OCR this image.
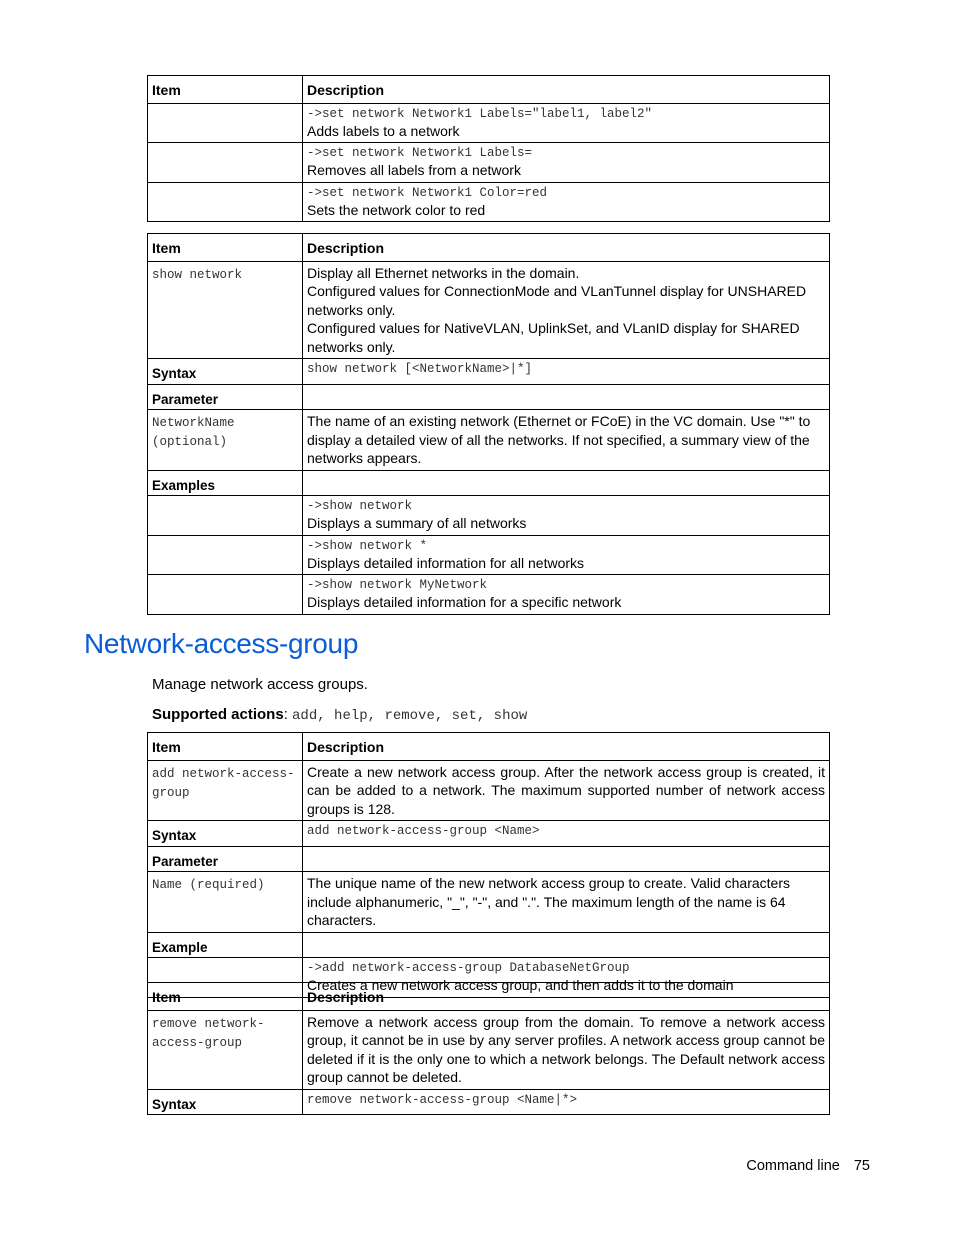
Item	Description

	->set network Network1 Labels="label1, label2"
Adds labels to a network

	->set network Network1 Labels=
Removes all labels from a network

	->set network Network1 Color=red
Sets the network color to red
Item	Description
show network	Display all Ethernet networks in the domain.
Configured values for ConnectionMode and VLanTunnel display for UNSHARED networks only.
Configured values for NativeVLAN, UplinkSet, and VLanID display for SHARED networks only.

Syntax	show network [<NetworkName>|*]

Parameter	
NetworkName (optional)	The name of an existing network (Ethernet or FCoE) in the VC domain. Use "*" to display a detailed view of all the networks. If not specified, a summary view of the networks appears.
Examples	

	->show network
Displays a summary of all networks

	->show network *
Displays detailed information for all networks

	->show network MyNetwork
Displays detailed information for a specific network
Network-access-group
Manage network access groups.
Supported actions: add, help, remove, set, show
Item	Description
add network-access-group	Create a new network access group. After the network access group is created, it can be added to a network. The maximum supported number of network access groups is 128.
Syntax	add network-access-group <Name>

Parameter	
Name (required)	The unique name of the new network access group to create. Valid characters include alphanumeric, "_", "-", and ".". The maximum length of the name is 64 characters.
Example	

	->add network-access-group DatabaseNetGroup
Creates a new network access group, and then adds it to the domain
Item	Description
remove network-access-group	Remove a network access group from the domain. To remove a network access group, it cannot be in use by any server profiles. A network access group cannot be deleted if it is the only one to which a network belongs. The Default network access group cannot be deleted.
Syntax	remove network-access-group <Name|*>
Command line 75
